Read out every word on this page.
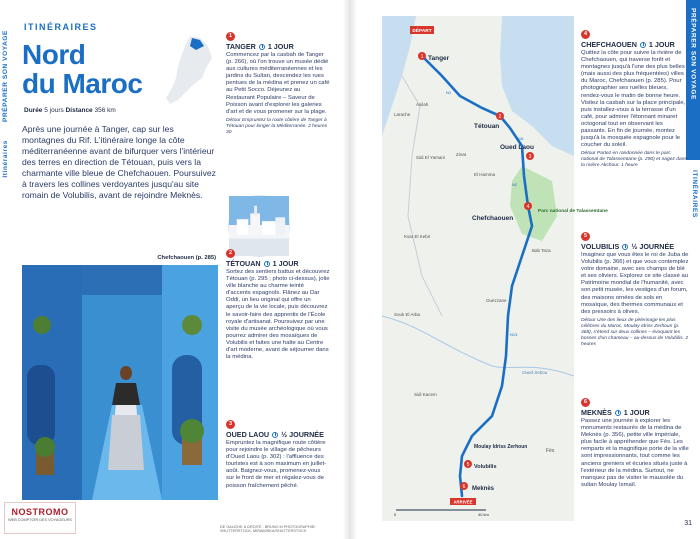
PRÉPARER SON VOYAGE
Itinéraires
ITINÉRAIRES
Nord
du Maroc
Durée 5 jours Distance 356 km

Après une journée à Tanger, cap sur les montagnes du Rif. L'itinéraire longe la côte méditerranéenne avant de bifurquer vers l'intérieur des terres en direction de Tétouan, puis vers la charmante ville bleue de Chefchaouen. Poursuivez à travers les collines verdoyantes jusqu'au site romain de Volubilis, avant de rejoindre Meknès.

Chefchaouen (p. 285)
DE GAUCHE À DROITE : BRUNO M PHOTOGRAPHIE/ SHUTTERSTOCK, MIRAMISKA/SHUTTERSTOCK
1
TANGER 1 JOUR

Commencez par la casbah de Tanger (p. 266), où l'on trouve un musée dédié aux cultures méditerranéennes et les jardins du Sultan, descendez les rues pentues de la médina et prenez un café au Petit Socco. Déjeunez au Restaurant Populaire – Saveur de Poisson avant d'explorer les galeries d'art et de vous promener sur la plage.

Détour Empruntez la route côtière de Tanger à Tétouan pour longer la Méditerranée. 2 heures 30

2
TÉTOUAN 1 JOUR

Sortez des sentiers battus et découvrez Tétouan (p. 295 ; photo ci-dessus), jolie ville blanche au charme teinté d'accents espagnols. Flânez au Dar Oddi, un lieu original qui offre un aperçu de la vie locale, puis découvrez le savoir-faire des apprentis de l'École royale d'artisanat. Poursuivez par une visite du musée archéologique où vous pourrez admirer des mosaïques de Volubilis et faites une halte au Centre d'art moderne, avant de séjourner dans la médina.

3
OUED LAOU ½ JOURNÉE

Empruntez la magnifique route côtière pour rejoindre le village de pêcheurs d'Oued Laou (p. 302) : l'affluence des touristes est à son maximum en juillet-août. Baignez-vous, promenez-vous sur le front de mer et régalez-vous de poisson fraîchement pêché.

NOSTROMO
WEB COMPTOIR DES VOYAGEURS
PRÉPARER SON VOYAGE
ITINÉRAIRES
1
2
3
4
5
6
DÉPART
Tanger
Tétouan
Oued Laou
Chefchaouen
Parc national de Talassemtane
Asilah
Sidi El Yamani
El Hamma
Zinat
Larache
Ksar El Kebir
Bab Taza
Ouezzane
Souk El Arba
Sidi Kacem
Oued Sebou
Moulay Idriss Zerhoun
Volubilis
Meknès
Fès
ARRIVÉE
N1
N2
N13
N16
0	40 km
4
CHEFCHAOUEN 1 JOUR

Quittez la côte pour suivre la rivière de Chefchaouen, qui traverse forêt et montagnes jusqu'à l'une des plus belles (mais aussi des plus fréquentées) villes du Maroc, Chefchaouen (p. 285). Pour photographier ses ruelles bleues, rendez-vous le matin de bonne heure. Visitez la casbah sur la place principale, puis installez-vous à la terrasse d'un café, pour admirer l'étonnant minaret octogonal tout en observant les passants. En fin de journée, montez jusqu'à la mosquée espagnole pour le coucher du soleil.

Détour Partez en randonnée dans le parc national de Talassemtane (p. 290) et nagez dans la rivière Akchour. 1 heure

5
VOLUBILIS ½ JOURNÉE

Imaginez que vous êtes le roi de Juba de Volubilis (p. 366) et que vous contemplez votre domaine, avec ses champs de blé et ses oliviers. Explorez ce site classé au Patrimoine mondial de l'humanité, avec son petit musée, les vestiges d'un forum, des maisons ornées de sols en mosaïque, des thermes communaux et des pressoirs à olives.

Détour Une des lieux de pèlerinage les plus célèbres du Maroc, Moulay Idriss Zerhoun (p. 368), s'étend sur deux collines – évoquant les bosses d'un chameau – au-dessus de Volubilis. 2 heures

6
MEKNÈS 1 JOUR

Passez une journée à explorer les monuments restaurés de la médina de Meknès (p. 356), petite ville impériale, plus facile à appréhender que Fès. Les remparts et la magnifique porte de la ville sont impressionnants, tout comme les anciens greniers et écuries situés juste à l'extérieur de la médina. Surtout, ne manquez pas de visiter le mausolée du sultan Moulay Ismaïl.

31
